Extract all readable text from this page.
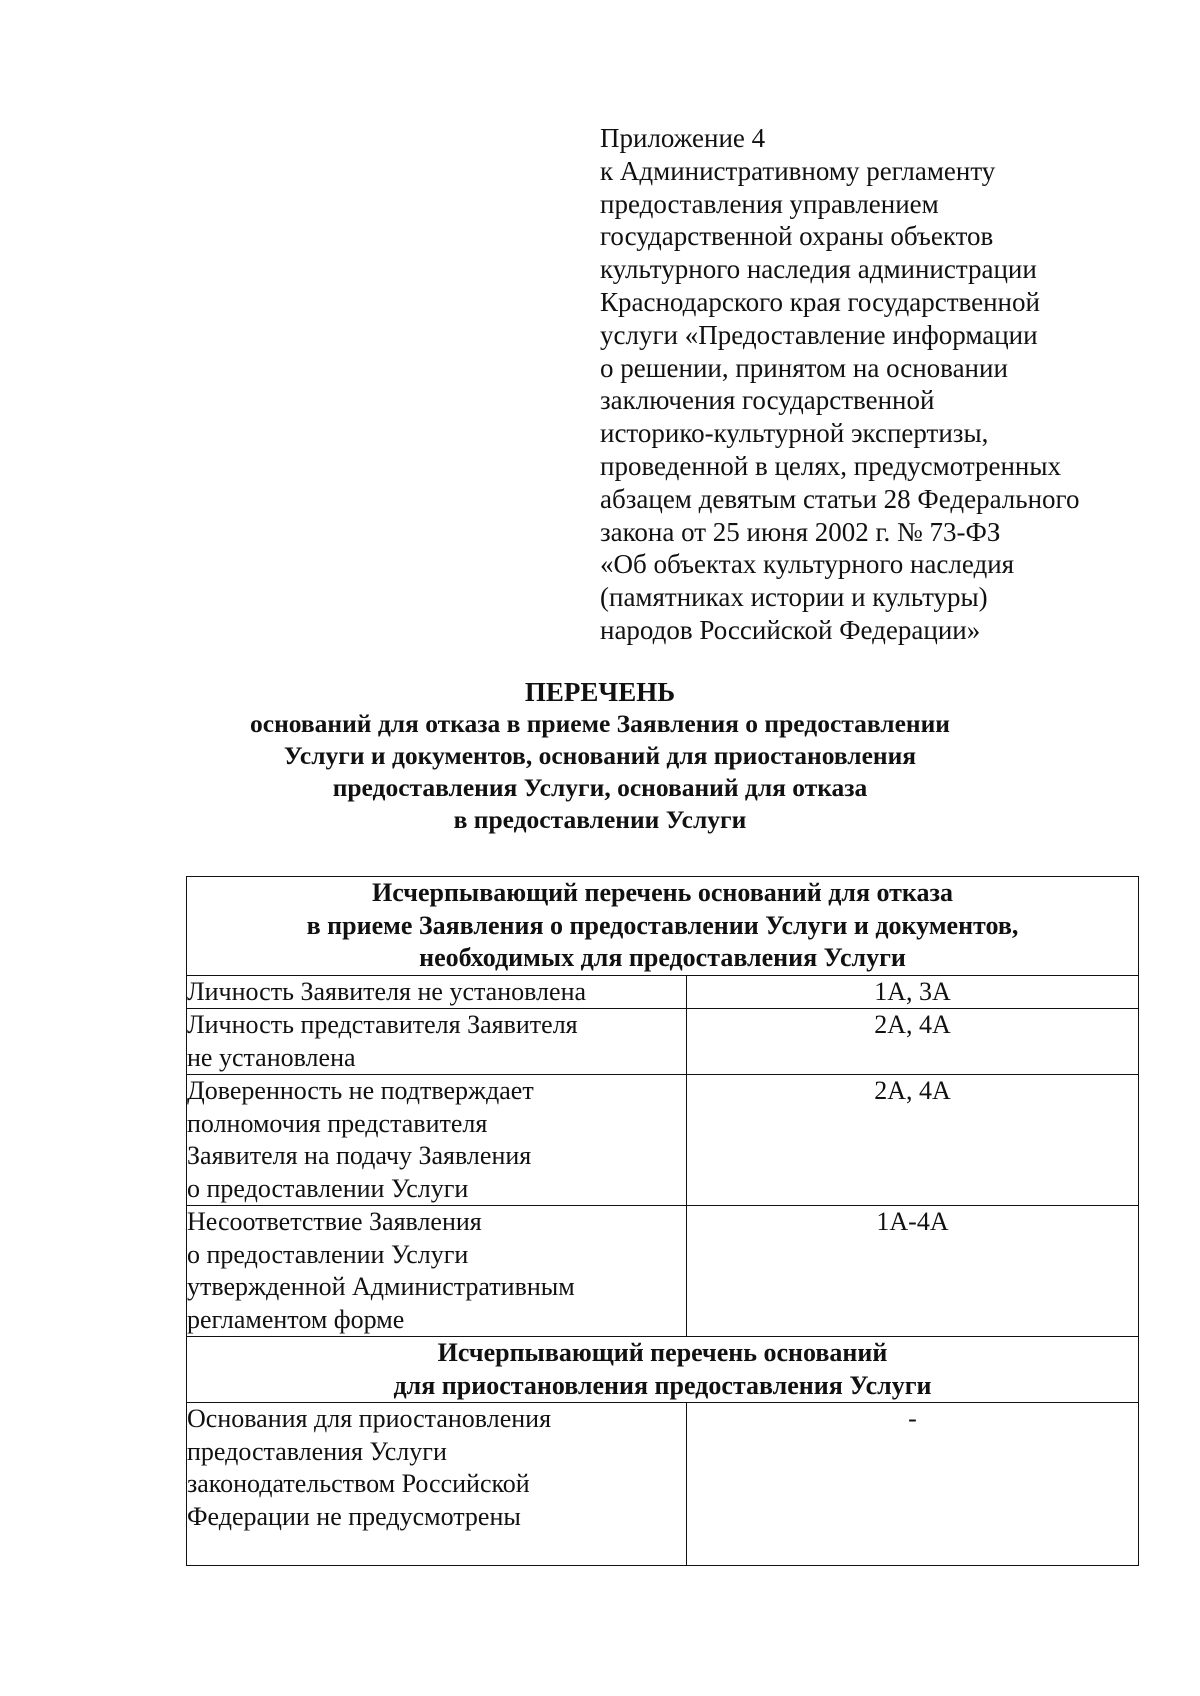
Приложение 4
к Административному регламенту
предоставления управлением
государственной охраны объектов
культурного наследия администрации
Краснодарского края государственной
услуги «Предоставление информации
о решении, принятом на основании
заключения государственной
историко-культурной экспертизы,
проведенной в целях, предусмотренных
абзацем девятым статьи 28 Федерального
закона от 25 июня 2002 г. № 73-ФЗ
«Об объектах культурного наследия
(памятниках истории и культуры)
народов Российской Федерации»
ПЕРЕЧЕНЬ
оснований для отказа в приеме Заявления о предоставлении
Услуги и документов, оснований для приостановления
предоставления Услуги, оснований для отказа
в предоставлении Услуги
Исчерпывающий перечень оснований для отказа
в приеме Заявления о предоставлении Услуги и документов,
необходимых для предоставления Услуги	

Личность Заявителя не установлена	1А, 3А

Личность представителя Заявителя
не установлена	2А, 4А

Доверенность не подтверждает
полномочия представителя
Заявителя на подачу Заявления
о предоставлении Услуги	2А, 4А

Несоответствие Заявления
о предоставлении Услуги
утвержденной Административным
регламентом форме	1А-4А

Исчерпывающий перечень оснований
для приостановления предоставления Услуги	

Основания для приостановления
предоставления Услуги
законодательством Российской
Федерации не предусмотрены	-
